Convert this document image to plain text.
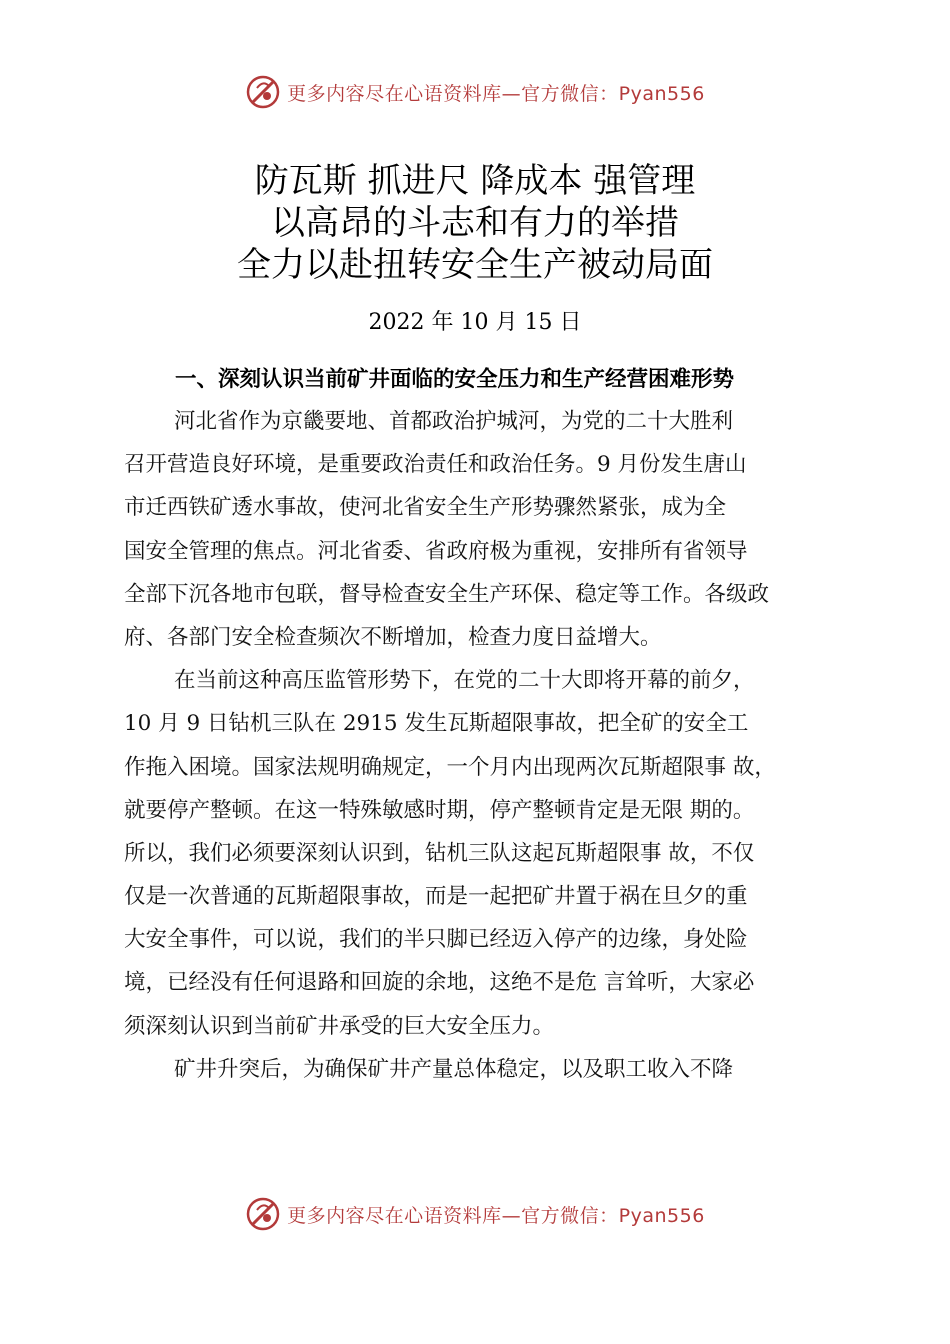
更多内容尽在心语资料库—官方微信：Pyan556
防瓦斯 抓进尺 降成本 强管理
以高昂的斗志和有力的举措
全力以赴扭转安全生产被动局面
2022 年 10 月 15 日
一、深刻认识当前矿井面临的安全压力和生产经营困难形势
河北省作为京畿要地、首都政治护城河，为党的二十大胜利
召开营造良好环境，是重要政治责任和政治任务。9 月份发生唐山
市迁西铁矿透水事故，使河北省安全生产形势骤然紧张，成为全
国安全管理的焦点。河北省委、省政府极为重视，安排所有省领导
全部下沉各地市包联，督导检查安全生产环保、稳定等工作。各级政
府、各部门安全检查频次不断增加，检查力度日益增大。
在当前这种高压监管形势下，在党的二十大即将开幕的前夕，
10 月 9 日钻机三队在 2915 发生瓦斯超限事故，把全矿的安全工
作拖入困境。国家法规明确规定，一个月内出现两次瓦斯超限事 故，
就要停产整顿。在这一特殊敏感时期，停产整顿肯定是无限 期的。
所以，我们必须要深刻认识到，钻机三队这起瓦斯超限事 故，不仅
仅是一次普通的瓦斯超限事故，而是一起把矿井置于祸在旦夕的重
大安全事件，可以说，我们的半只脚已经迈入停产的边缘，身处险
境，已经没有任何退路和回旋的余地，这绝不是危 言耸听，大家必
须深刻认识到当前矿井承受的巨大安全压力。
矿井升突后，为确保矿井产量总体稳定，以及职工收入不降
更多内容尽在心语资料库—官方微信：Pyan556
